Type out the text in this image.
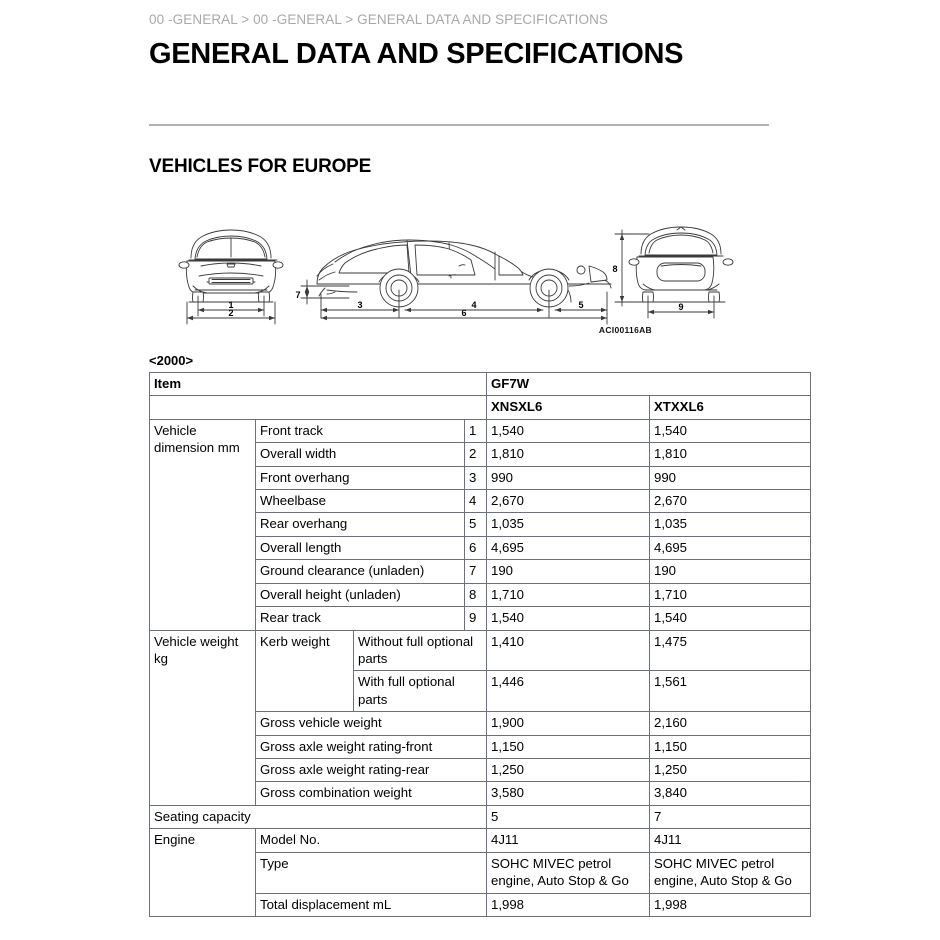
00 -GENERAL > 00 -GENERAL > GENERAL DATA AND SPECIFICATIONS
GENERAL DATA AND SPECIFICATIONS
VEHICLES FOR EUROPE
1
2
3	4	5
6
7
9
8
ACI00116AB
<2000>
Item				GF7W	
				XNSXL6	XTXXL6
Vehicle dimension mm	Front track		1	1,540	1,540
	Overall width		2	1,810	1,810
	Front overhang		3	990	990
	Wheelbase		4	2,670	2,670
	Rear overhang		5	1,035	1,035
	Overall length		6	4,695	4,695
	Ground clearance (unladen)		7	190	190
	Overall height (unladen)		8	1,710	1,710
	Rear track		9	1,540	1,540
Vehicle weight kg	Kerb weight	Without full optional parts		1,410	1,475
		With full optional parts		1,446	1,561
	Gross vehicle weight			1,900	2,160
	Gross axle weight rating-front			1,150	1,150
	Gross axle weight rating-rear			1,250	1,250
	Gross combination weight			3,580	3,840
Seating capacity				5	7
Engine	Model No.			4J11	4J11
	Type			SOHC MIVEC petrol engine, Auto Stop & Go	SOHC MIVEC petrol engine, Auto Stop & Go
	Total displacement mL			1,998	1,998
